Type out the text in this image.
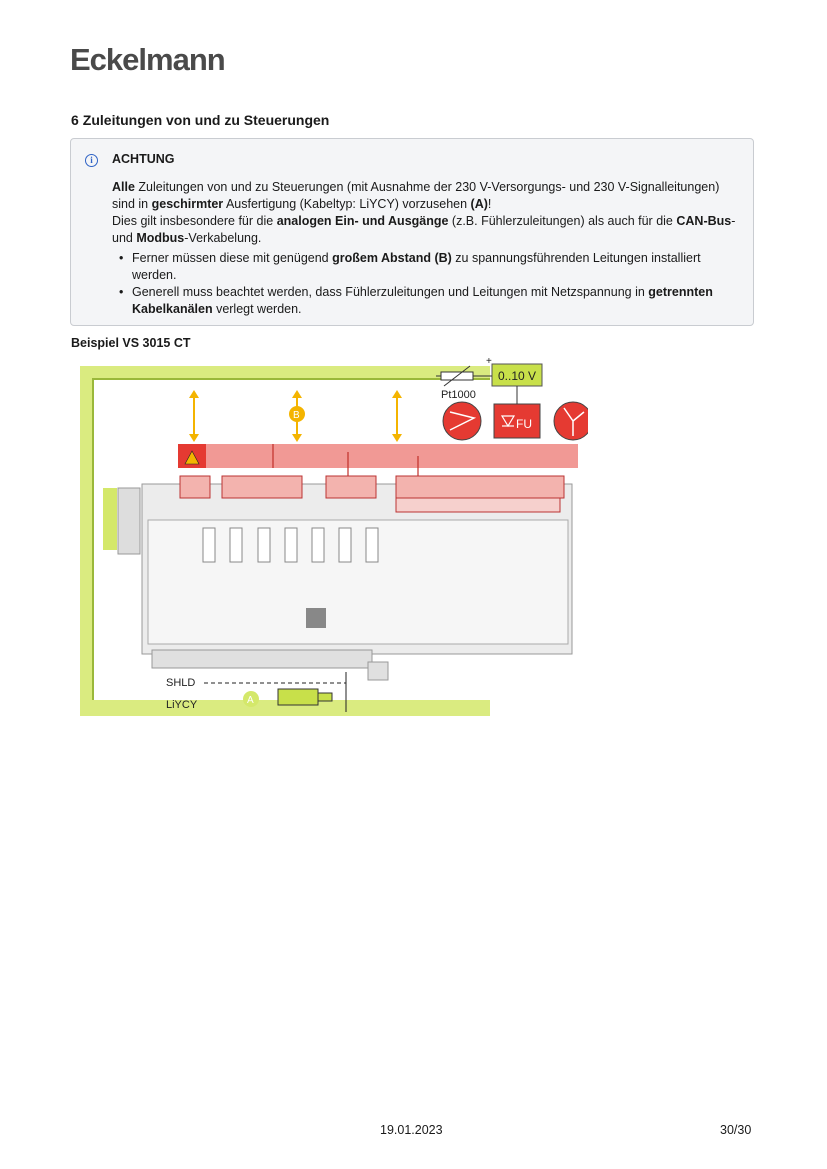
Eckelmann
6 Zuleitungen von und zu Steuerungen
i	ACHTUNG

Alle Zuleitungen von und zu Steuerungen (mit Ausnahme der 230 V-Versorgungs- und 230 V-Signalleitungen) sind in geschirmter Ausfertigung (Kabeltyp: LiYCY) vorzusehen (A)!

Dies gilt insbesondere für die analogen Ein- und Ausgänge (z.B. Fühlerzuleitungen) als auch für die CAN-Bus- und Modbus-Verkabelung.

• Ferner müssen diese mit genügend großem Abstand (B) zu spannungsführenden Leitungen installiert werden.
• Generell muss beachtet werden, dass Fühlerzuleitungen und Leitungen mit Netzspannung in getrennten Kabelkanälen verlegt werden.
Beispiel VS 3015 CT
0..10 V
+
Pt1000
FU
B
SHLD
A
LiYCY
19.01.2023	30/30
